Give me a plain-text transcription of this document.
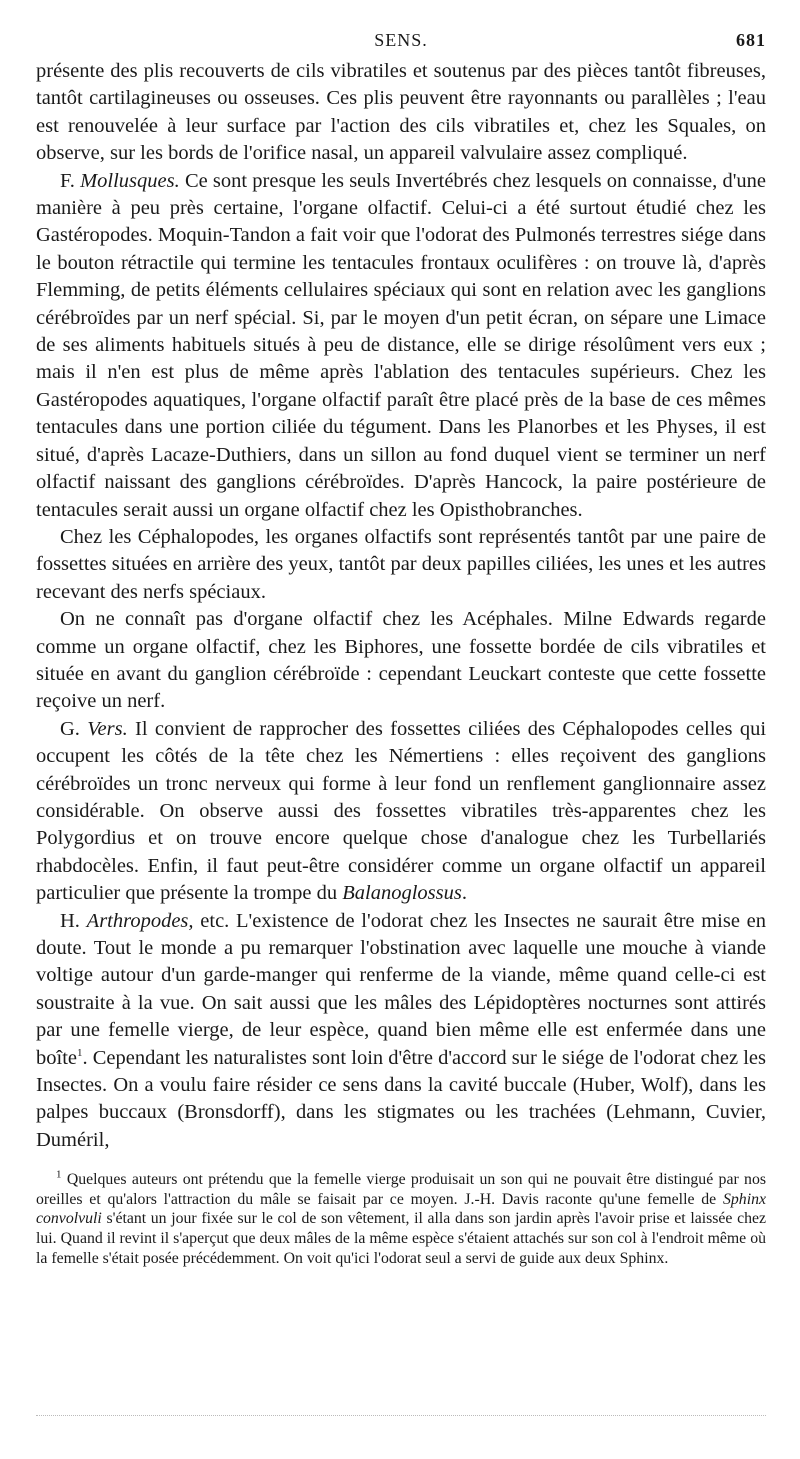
SENS.	681

présente des plis recouverts de cils vibratiles et soutenus par des pièces tantôt fibreuses, tantôt cartilagineuses ou osseuses. Ces plis peuvent être rayonnants ou parallèles ; l'eau est renouvelée à leur surface par l'action des cils vibratiles et, chez les Squales, on observe, sur les bords de l'orifice nasal, un appareil valvulaire assez compliqué.

F. Mollusques. Ce sont presque les seuls Invertébrés chez lesquels on connaisse, d'une manière à peu près certaine, l'organe olfactif. Celui-ci a été surtout étudié chez les Gastéropodes. Moquin-Tandon a fait voir que l'odorat des Pulmonés terrestres siége dans le bouton rétractile qui termine les tentacules frontaux oculifères : on trouve là, d'après Flemming, de petits éléments cellulaires spéciaux qui sont en relation avec les ganglions cérébroïdes par un nerf spécial. Si, par le moyen d'un petit écran, on sépare une Limace de ses aliments habituels situés à peu de distance, elle se dirige résolûment vers eux ; mais il n'en est plus de même après l'ablation des tentacules supérieurs. Chez les Gastéropodes aquatiques, l'organe olfactif paraît être placé près de la base de ces mêmes tentacules dans une portion ciliée du tégument. Dans les Planorbes et les Physes, il est situé, d'après Lacaze-Duthiers, dans un sillon au fond duquel vient se terminer un nerf olfactif naissant des ganglions cérébroïdes. D'après Hancock, la paire postérieure de tentacules serait aussi un organe olfactif chez les Opisthobranches.

Chez les Céphalopodes, les organes olfactifs sont représentés tantôt par une paire de fossettes situées en arrière des yeux, tantôt par deux papilles ciliées, les unes et les autres recevant des nerfs spéciaux.

On ne connaît pas d'organe olfactif chez les Acéphales. Milne Edwards regarde comme un organe olfactif, chez les Biphores, une fossette bordée de cils vibratiles et située en avant du ganglion cérébroïde : cependant Leuckart conteste que cette fossette reçoive un nerf.

G. Vers. Il convient de rapprocher des fossettes ciliées des Céphalopodes celles qui occupent les côtés de la tête chez les Némertiens : elles reçoivent des ganglions cérébroïdes un tronc nerveux qui forme à leur fond un renflement ganglionnaire assez considérable. On observe aussi des fossettes vibratiles très-apparentes chez les Polygordius et on trouve encore quelque chose d'analogue chez les Turbellariés rhabdocèles. Enfin, il faut peut-être considérer comme un organe olfactif un appareil particulier que présente la trompe du Balanoglossus.

H. Arthropodes, etc. L'existence de l'odorat chez les Insectes ne saurait être mise en doute. Tout le monde a pu remarquer l'obstination avec laquelle une mouche à viande voltige autour d'un garde-manger qui renferme de la viande, même quand celle-ci est soustraite à la vue. On sait aussi que les mâles des Lépidoptères nocturnes sont attirés par une femelle vierge, de leur espèce, quand bien même elle est enfermée dans une boîte$^1$. Cependant les naturalistes sont loin d'être d'accord sur le siége de l'odorat chez les Insectes. On a voulu faire résider ce sens dans la cavité buccale (Huber, Wolf), dans les palpes buccaux (Bronsdorff), dans les stigmates ou les trachées (Lehmann, Cuvier, Duméril,

$^1$ Quelques auteurs ont prétendu que la femelle vierge produisait un son qui ne pouvait être distingué par nos oreilles et qu'alors l'attraction du mâle se faisait par ce moyen. J.-H. Davis raconte qu'une femelle de Sphinx convolvuli s'étant un jour fixée sur le col de son vêtement, il alla dans son jardin après l'avoir prise et laissée chez lui. Quand il revint il s'aperçut que deux mâles de la même espèce s'étaient attachés sur son col à l'endroit même où la femelle s'était posée précédemment. On voit qu'ici l'odorat seul a servi de guide aux deux Sphinx.
